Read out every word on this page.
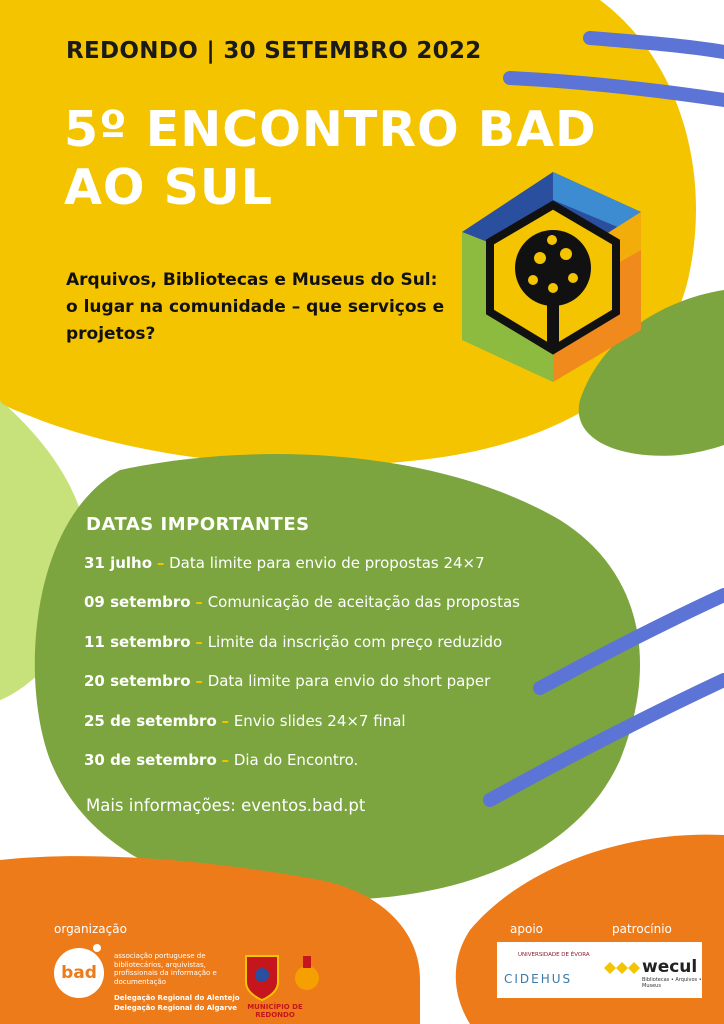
REDONDO | 30 SETEMBRO 2022
5º ENCONTRO BAD
AO SUL

Arquivos, Bibliotecas e Museus do Sul: o lugar na comunidade – que serviços e projetos?

DATAS IMPORTANTES
31 julho – Data limite para envio de propostas 24×7
09 setembro – Comunicação de aceitação das propostas
11 setembro – Limite da inscrição com preço reduzido
20 setembro – Data limite para envio do short paper
25 de setembro – Envio slides 24×7 final
30 de setembro – Dia do Encontro.
Mais informações: eventos.bad.pt
organização	apoio	patrocínio
bad
associação portuguese de bibliotecários, arquivistas, profissionais da informação e documentação
Delegação Regional do Alentejo
Delegação Regional do Algarve	MUNICÍPIO DE REDONDO
UNIVERSIDADE DE ÉVORA
CIDEHUS
wecul
Bibliotecas • Arquivos • Museus
